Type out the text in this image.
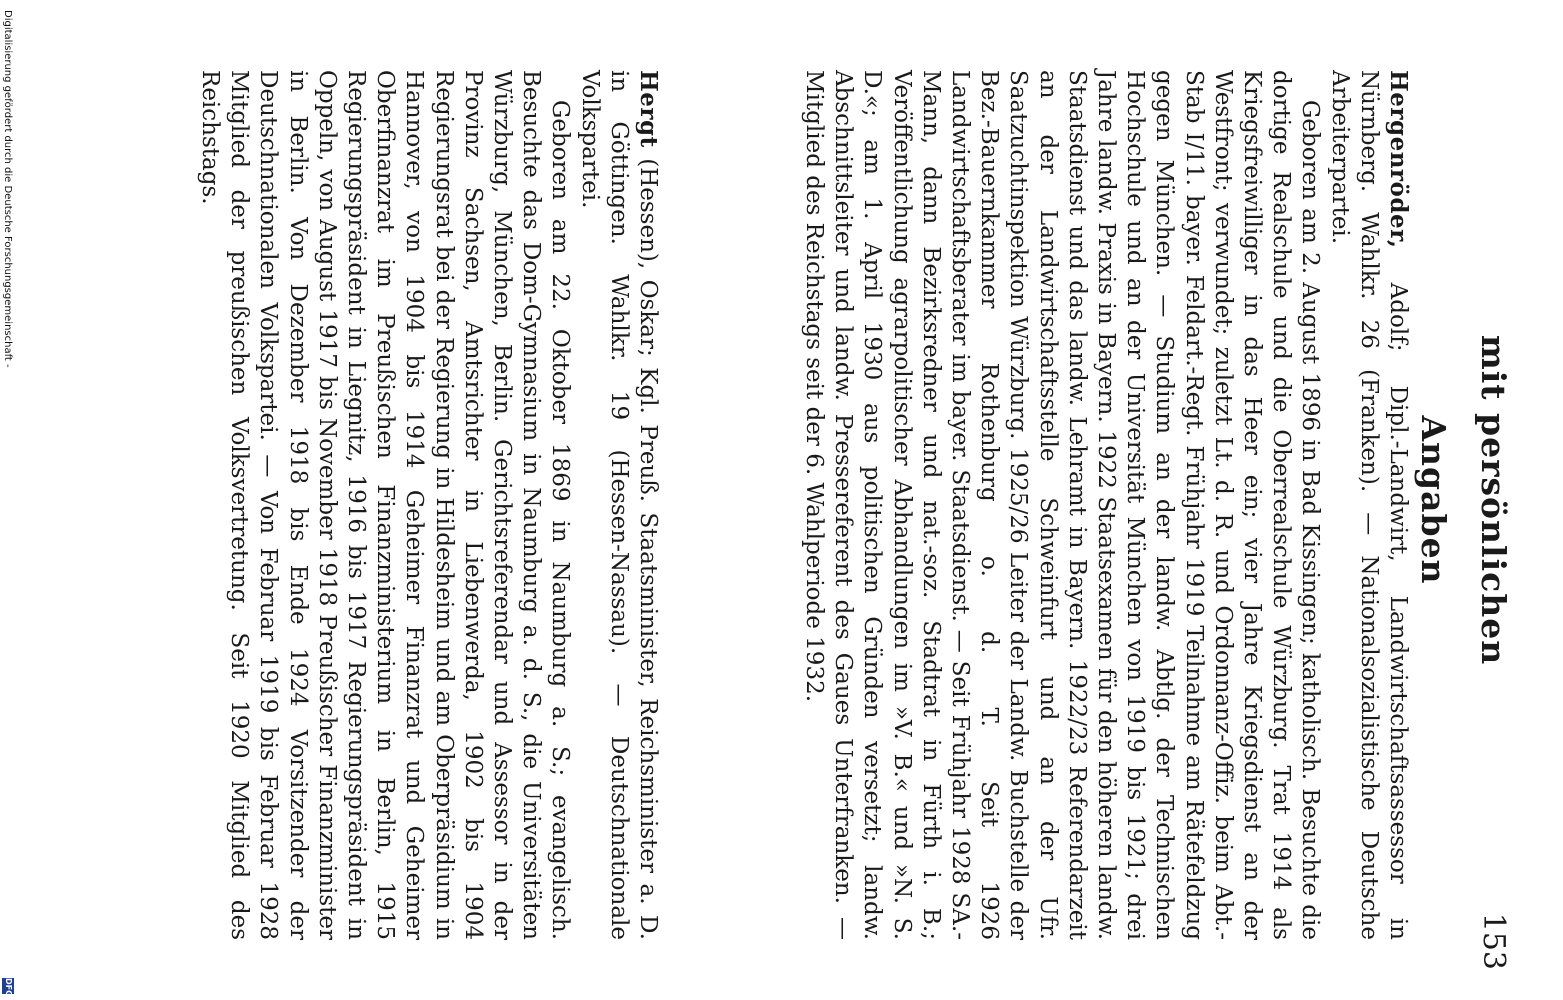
mit persönlichen Angaben
153

Hergenröder, Adolf; Dipl.-Landwirt, Landwirtschaftsassessor in Nürnberg. Wahlkr. 26 (Franken). — Nationalsozialistische Deutsche Arbeiterpartei.

Geboren am 2. August 1896 in Bad Kissingen; katholisch. Besuchte die dortige Realschule und die Oberrealschule Würzburg. Trat 1914 als Kriegsfreiwilliger in das Heer ein; vier Jahre Kriegsdienst an der Westfront; verwundet; zuletzt Lt. d. R. und Ordonnanz-Offiz. beim Abt.-Stab I/11. bayer. Feldart.-Regt. Frühjahr 1919 Teilnahme am Rätefeldzug gegen München. — Studium an der landw. Abtlg. der Technischen Hochschule und an der Universität München von 1919 bis 1921; drei Jahre landw. Praxis in Bayern. 1922 Staatsexamen für den höheren landw. Staatsdienst und das landw. Lehramt in Bayern. 1922/23 Referendarzeit an der Landwirtschaftsstelle Schweinfurt und an der Ufr. Saatzuchtinspektion Würzburg. 1925/26 Leiter der Landw. Buchstelle der Bez.-Bauernkammer Rothenburg o. d. T. Seit 1926 Landwirtschaftsberater im bayer. Staatsdienst. — Seit Frühjahr 1928 SA.-Mann, dann Bezirksredner und nat.-soz. Stadtrat in Fürth i. B.; Veröffentlichung agrarpolitischer Abhandlungen im »V. B.« und »N. S. D.«; am 1. April 1930 aus politischen Gründen versetzt; landw. Abschnittsleiter und landw. Pressereferent des Gaues Unterfranken. — Mitglied des Reichstags seit der 6. Wahlperiode 1932.

Hergt (Hessen), Oskar; Kgl. Preuß. Staatsminister, Reichsminister a. D. in Göttingen. Wahlkr. 19 (Hessen-Nassau). — Deutschnationale Volkspartei.

Geboren am 22. Oktober 1869 in Naumburg a. S.; evangelisch. Besuchte das Dom-Gymnasium in Naumburg a. d. S., die Universitäten Würzburg, München, Berlin. Gerichtsreferendar und Assessor in der Provinz Sachsen, Amtsrichter in Liebenwerda, 1902 bis 1904 Regierungsrat bei der Regierung in Hildesheim und am Oberpräsidium in Hannover, von 1904 bis 1914 Geheimer Finanzrat und Geheimer Oberfinanzrat im Preußischen Finanzministerium in Berlin, 1915 Regierungspräsident in Liegnitz, 1916 bis 1917 Regierungspräsident in Oppeln, von August 1917 bis November 1918 Preußischer Finanzminister in Berlin. Von Dezember 1918 bis Ende 1924 Vorsitzender der Deutschnationalen Volkspartei. — Von Februar 1919 bis Februar 1928 Mitglied der preußischen Volksvertretung. Seit 1920 Mitglied des Reichstags.

Digitalisierung gefördert durch die Deutsche Forschungsgemeinschaft -
DFG
